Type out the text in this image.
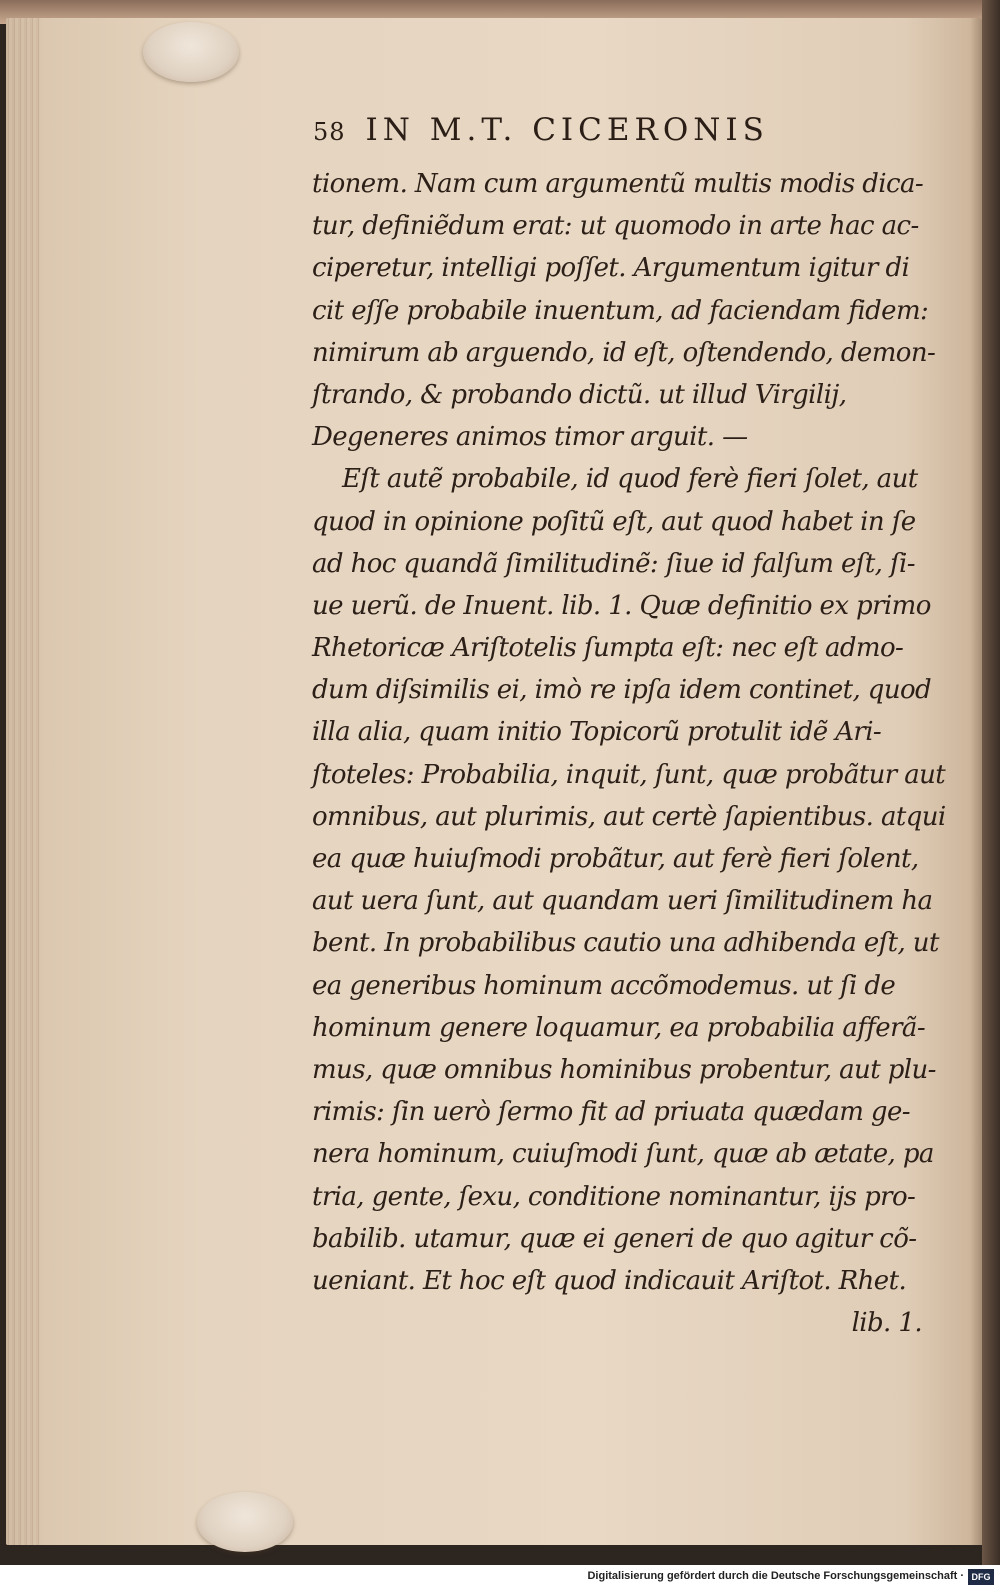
58 IN M.T. CICERONIS
tionem. Nam cum argumentũ multis modis dica-
tur, definiẽdum erat: ut quomodo in arte hac ac-
ciperetur, intelligi poſſet. Argumentum igitur di
cit eſſe probabile inuentum, ad faciendam fidem:
nimirum ab arguendo, id eſt, oſtendendo, demon-
ſtrando, & probando dictũ. ut illud Virgilij,
Degeneres animos timor arguit. —
Eſt autẽ probabile, id quod ferè fieri ſolet, aut
quod in opinione poſitũ eſt, aut quod habet in ſe
ad hoc quandã ſimilitudinẽ: ſiue id falſum eſt, ſi-
ue uerũ. de Inuent. lib. 1. Quæ definitio ex primo
Rhetoricæ Ariſtotelis ſumpta eſt: nec eſt admo-
dum diſsimilis ei, imò re ipſa idem continet, quod
illa alia, quam initio Topicorũ protulit idẽ Ari-
ſtoteles: Probabilia, inquit, ſunt, quæ probãtur aut
omnibus, aut plurimis, aut certè ſapientibus. atqui
ea quæ huiuſmodi probãtur, aut ferè fieri ſolent,
aut uera ſunt, aut quandam ueri ſimilitudinem ha
bent. In probabilibus cautio una adhibenda eſt, ut
ea generibus hominum accõmodemus. ut ſi de
hominum genere loquamur, ea probabilia afferã-
mus, quæ omnibus hominibus probentur, aut plu-
rimis: ſin uerò ſermo fit ad priuata quædam ge-
nera hominum, cuiuſmodi ſunt, quæ ab ætate, pa
tria, gente, ſexu, conditione nominantur, iјs pro-
babilib. utamur, quæ ei generi de quo agitur cõ-
ueniant. Et hoc eſt quod indicauit Ariſtot. Rhet.
lib. 1.
Digitalisierung gefördert durch die Deutsche Forschungsgemeinschaft · DFG
